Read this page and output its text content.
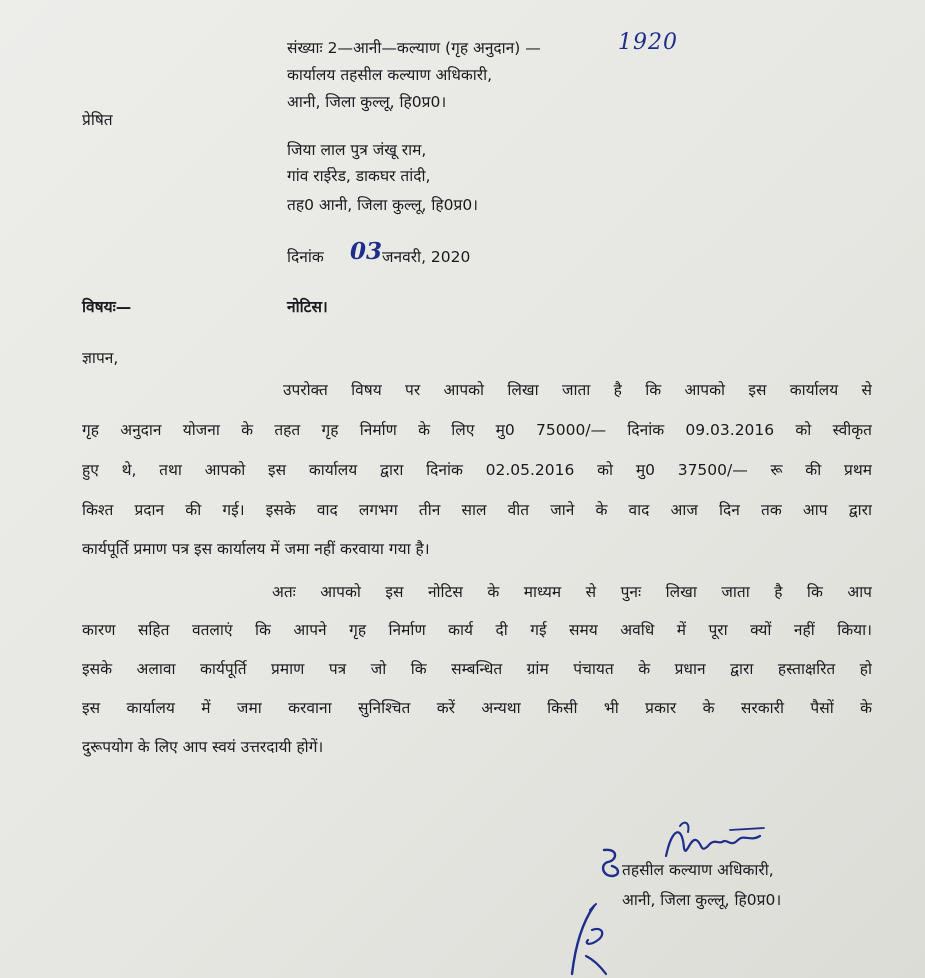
संख्याः 2—आनी—कल्याण (गृह अनुदान) —	1920
कार्यालय तहसील कल्याण अधिकारी,
आनी, जिला कुल्लू, हि0प्र0।
प्रेषित
जिया लाल पुत्र जंखू राम,
गांव राईरेड, डाकघर तांदी,
तह0 आनी, जिला कुल्लू, हि0प्र0।
दिनांक 03 जनवरी, 2020
विषयः—	नोटिस।
ज्ञापन,
उपरोक्त विषय पर आपको लिखा जाता है कि आपको इस कार्यालय से
गृह अनुदान योजना के तहत गृह निर्माण के लिए मु0 75000/— दिनांक 09.03.2016 को स्वीकृत
हुए थे, तथा आपको इस कार्यालय द्वारा दिनांक 02.05.2016 को मु0 37500/— रू की प्रथम
किश्त प्रदान की गई। इसके वाद लगभग तीन साल वीत जाने के वाद आज दिन तक आप द्वारा
कार्यपूर्ति प्रमाण पत्र इस कार्यालय में जमा नहीं करवाया गया है।
अतः आपको इस नोटिस के माध्यम से पुनः लिखा जाता है कि आप
कारण सहित वतलाएं कि आपने गृह निर्माण कार्य दी गई समय अवधि में पूरा क्यों नहीं किया।
इसके अलावा कार्यपूर्ति प्रमाण पत्र जो कि सम्बन्धित ग्रांम पंचायत के प्रधान द्वारा हस्ताक्षरित हो
इस कार्यालय में जमा करवाना सुनिश्चित करें अन्यथा किसी भी प्रकार के सरकारी पैसों के
दुरूपयोग के लिए आप स्वयं उत्तरदायी होगें।
तहसील कल्याण अधिकारी,
आनी, जिला कुल्लू, हि0प्र0।
